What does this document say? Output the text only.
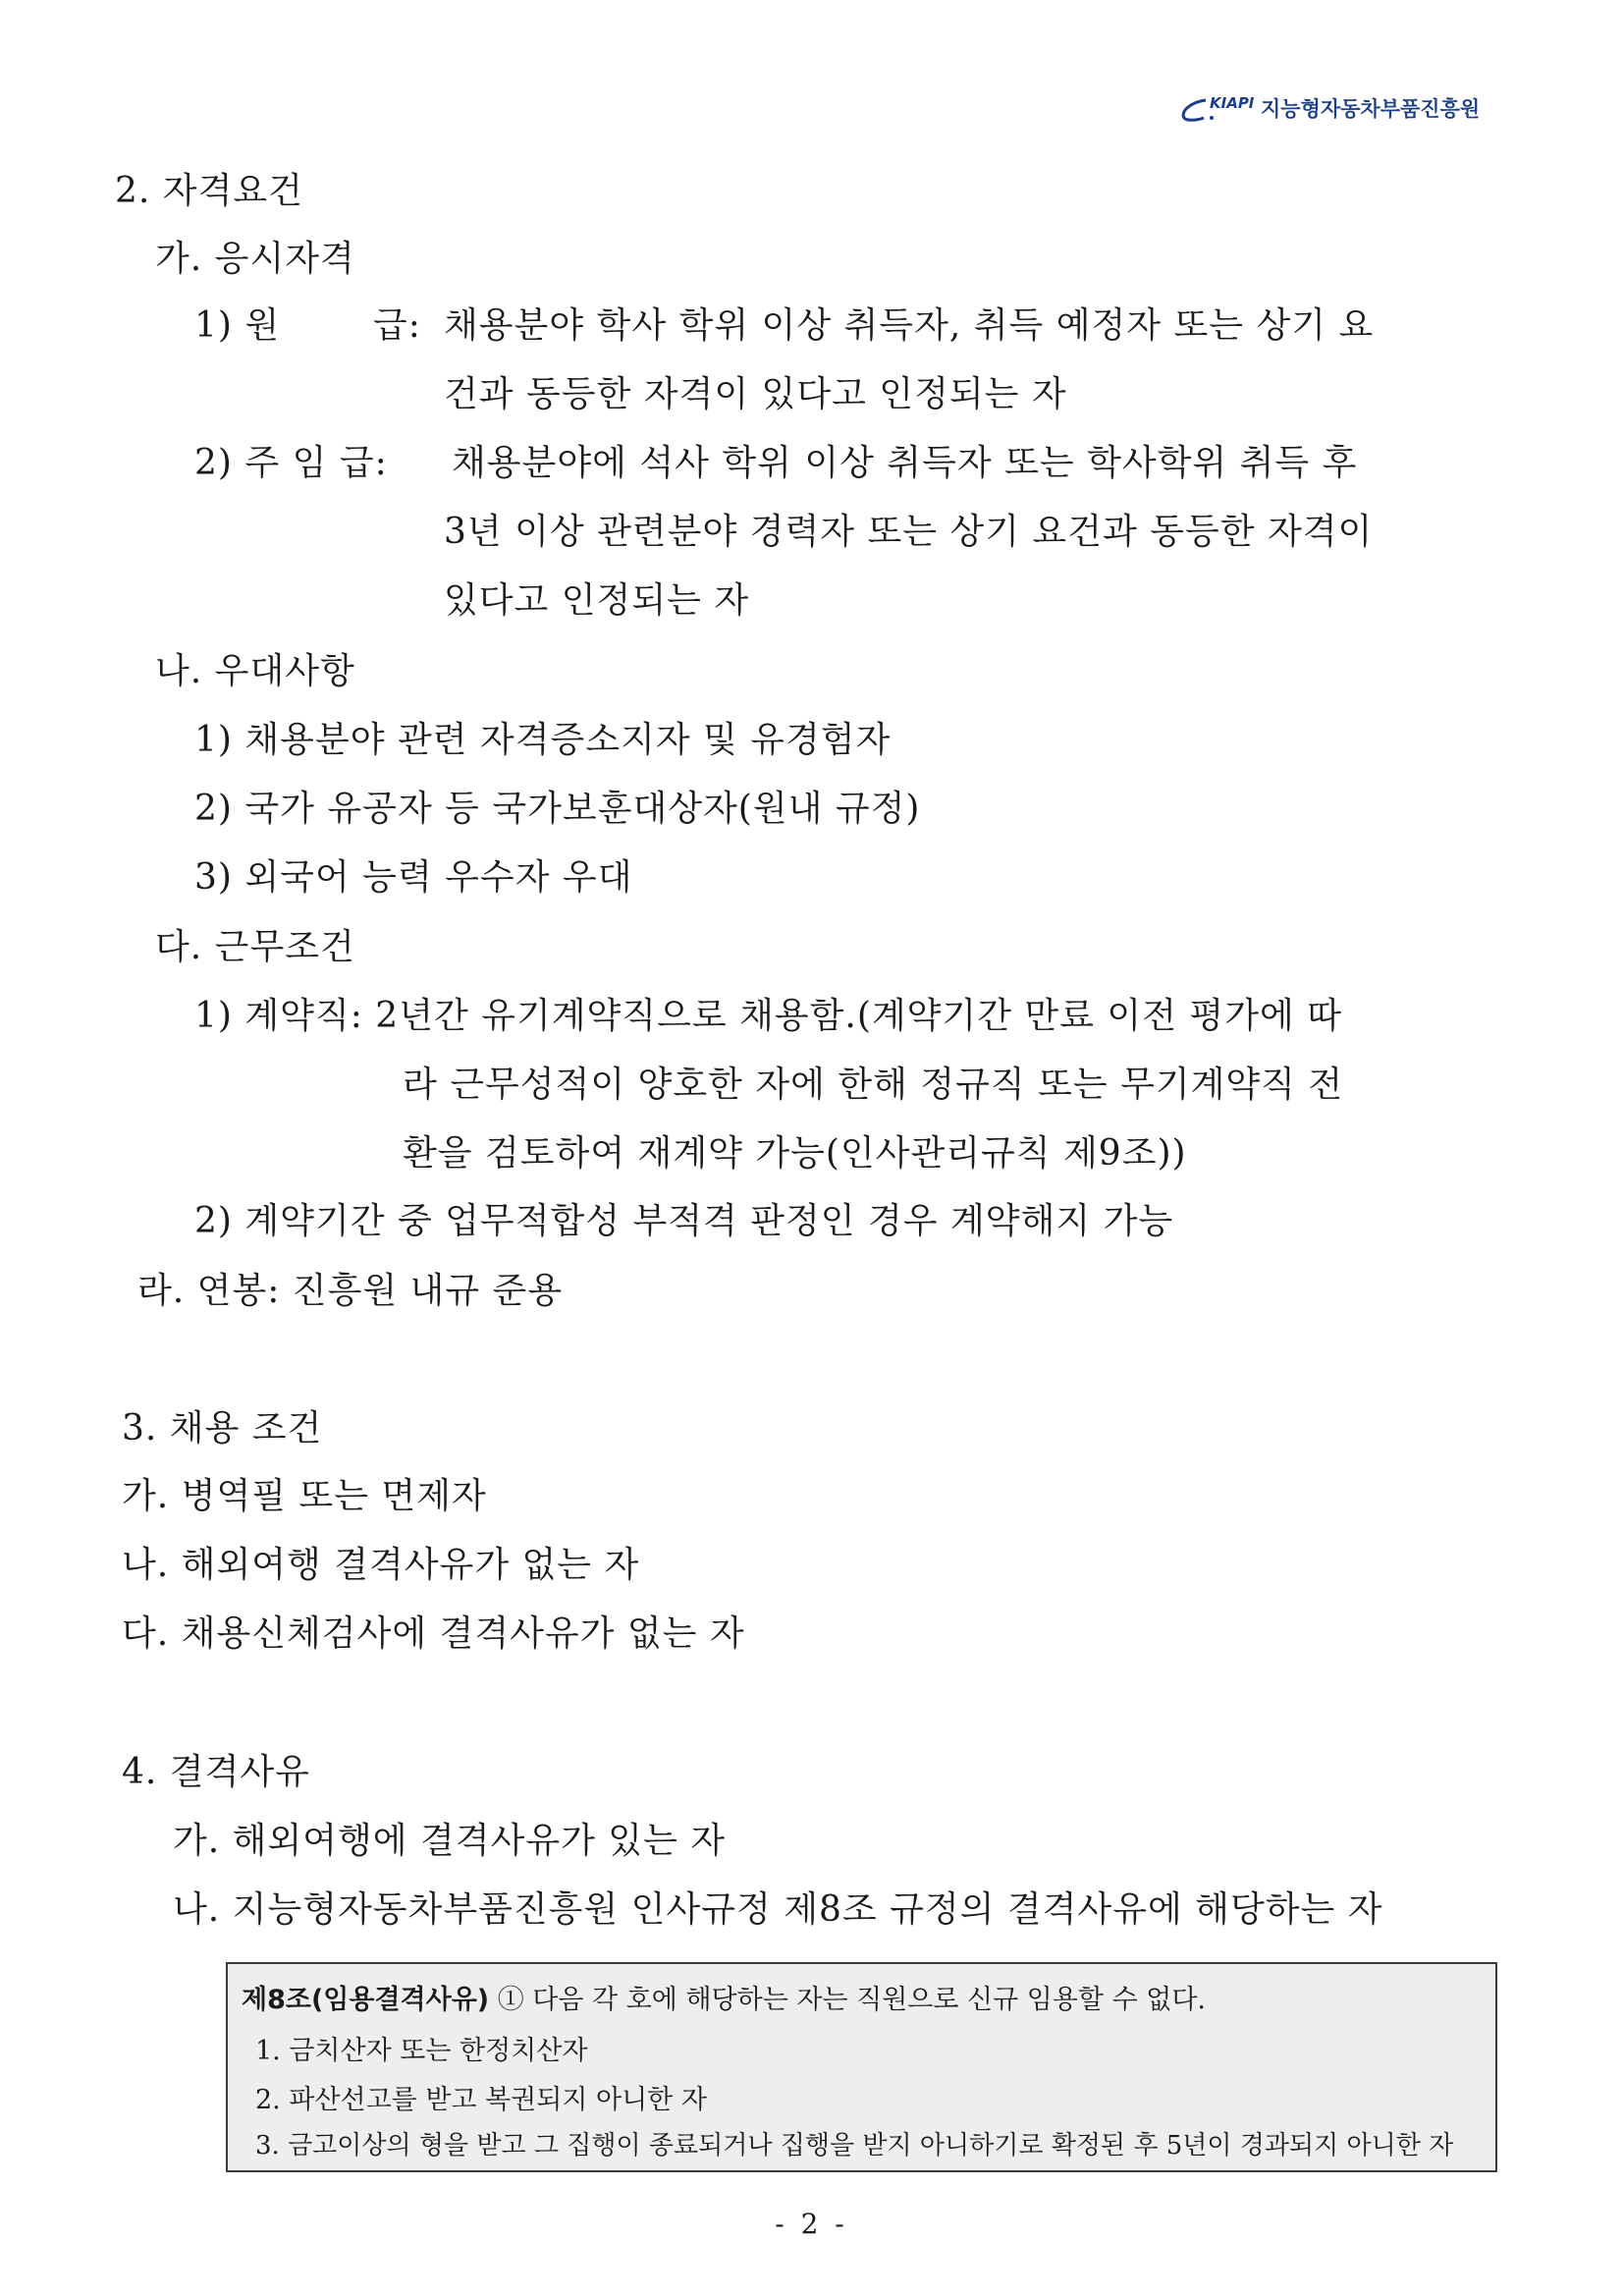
KIAPI 지능형자동차부품진흥원
2. 자격요건
가. 응시자격
1) 원	급: 채용분야 학사 학위 이상 취득자, 취득 예정자 또는 상기 요
건과 동등한 자격이 있다고 인정되는 자
2) 주 임 급: 채용분야에 석사 학위 이상 취득자 또는 학사학위 취득 후
3년 이상 관련분야 경력자 또는 상기 요건과 동등한 자격이
있다고 인정되는 자
나. 우대사항
1) 채용분야 관련 자격증소지자 및 유경험자
2) 국가 유공자 등 국가보훈대상자(원내 규정)
3) 외국어 능력 우수자 우대
다. 근무조건
1) 계약직: 2년간 유기계약직으로 채용함.(계약기간 만료 이전 평가에 따
라 근무성적이 양호한 자에 한해 정규직 또는 무기계약직 전
환을 검토하여 재계약 가능(인사관리규칙 제9조))
2) 계약기간 중 업무적합성 부적격 판정인 경우 계약해지 가능
라. 연봉: 진흥원 내규 준용
3. 채용 조건
가. 병역필 또는 면제자
나. 해외여행 결격사유가 없는 자
다. 채용신체검사에 결격사유가 없는 자
4. 결격사유
가. 해외여행에 결격사유가 있는 자
나. 지능형자동차부품진흥원 인사규정 제8조 규정의 결격사유에 해당하는 자
제8조(임용결격사유) ① 다음 각 호에 해당하는 자는 직원으로 신규 임용할 수 없다.
1. 금치산자 또는 한정치산자
2. 파산선고를 받고 복권되지 아니한 자
3. 금고이상의 형을 받고 그 집행이 종료되거나 집행을 받지 아니하기로 확정된 후 5년이 경과되지 아니한 자
- 2 -
